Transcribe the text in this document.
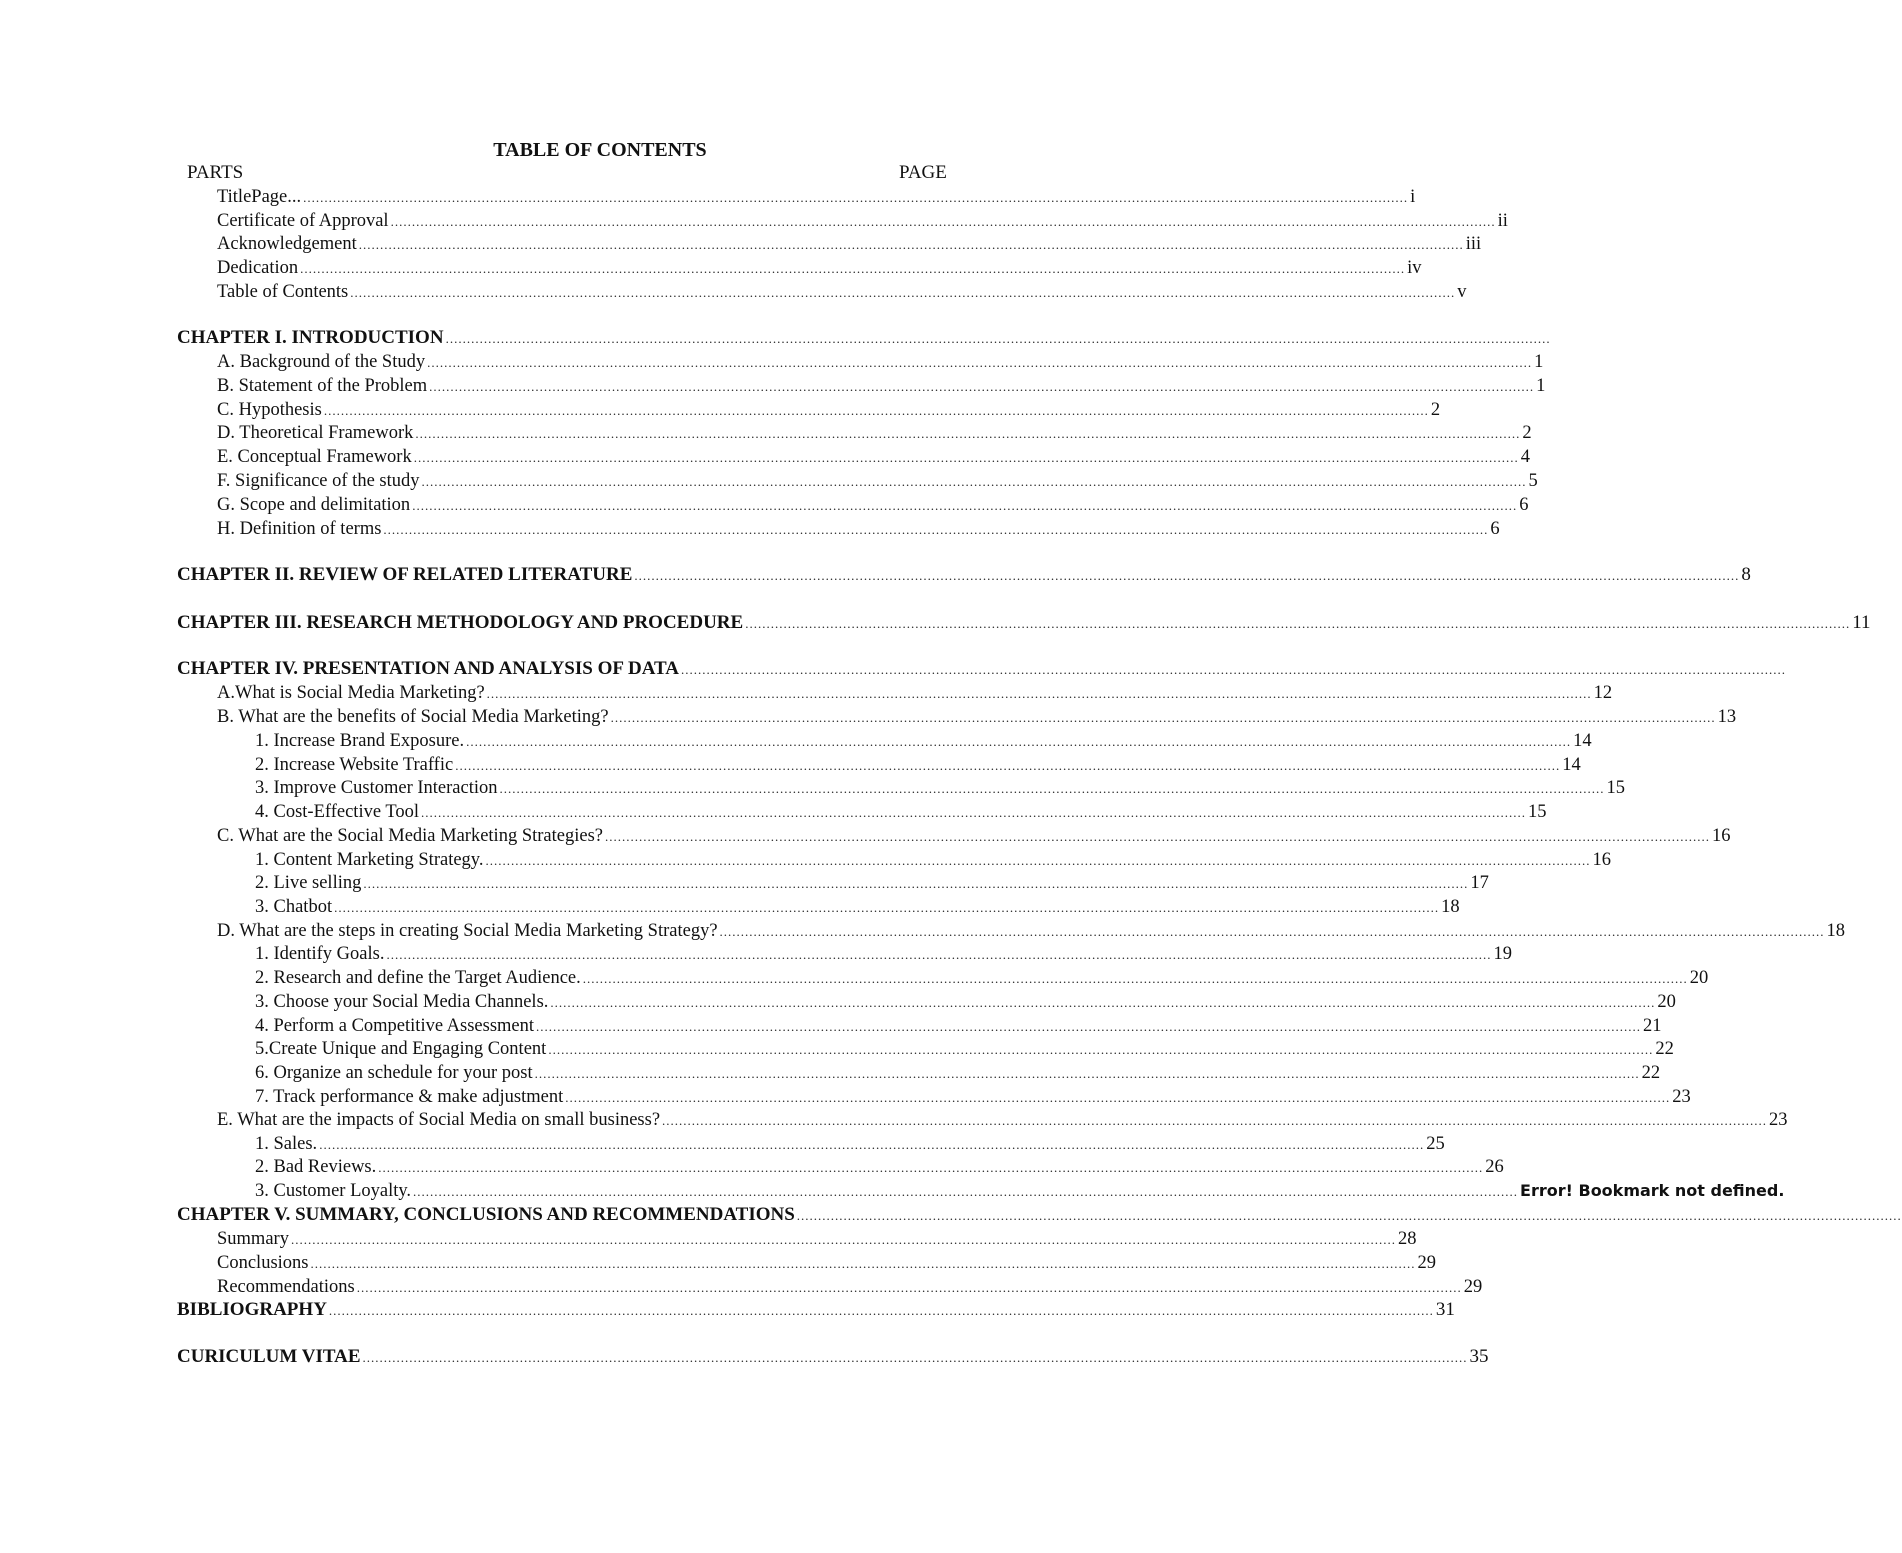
TABLE OF CONTENTS
PARTS	PAGE
TitlePage... .................................................................................................................................................................................................................................................................... i
Certificate of Approval .................................................................................................................................................................................................................................................................... ii
Acknowledgement .................................................................................................................................................................................................................................................................... iii
Dedication .................................................................................................................................................................................................................................................................... iv
Table of Contents .................................................................................................................................................................................................................................................................... v
CHAPTER I. INTRODUCTION ....................................................................................................................................................................................................................................................................
A. Background of the Study .................................................................................................................................................................................................................................................................... 1
B. Statement of the Problem .................................................................................................................................................................................................................................................................... 1
C. Hypothesis .................................................................................................................................................................................................................................................................... 2
D. Theoretical Framework .................................................................................................................................................................................................................................................................... 2
E. Conceptual Framework .................................................................................................................................................................................................................................................................... 4
F. Significance of the study .................................................................................................................................................................................................................................................................... 5
G. Scope and delimitation .................................................................................................................................................................................................................................................................... 6
H. Definition of terms .................................................................................................................................................................................................................................................................... 6
CHAPTER II. REVIEW OF RELATED LITERATURE .................................................................................................................................................................................................................................................................... 8
CHAPTER III. RESEARCH METHODOLOGY AND PROCEDURE .................................................................................................................................................................................................................................................................... 11
CHAPTER IV. PRESENTATION AND ANALYSIS OF DATA ....................................................................................................................................................................................................................................................................
A.What is Social Media Marketing? .................................................................................................................................................................................................................................................................... 12
B. What are the benefits of Social Media Marketing? .................................................................................................................................................................................................................................................................... 13
1. Increase Brand Exposure. .................................................................................................................................................................................................................................................................... 14
2. Increase Website Traffic .................................................................................................................................................................................................................................................................... 14
3. Improve Customer Interaction .................................................................................................................................................................................................................................................................... 15
4. Cost-Effective Tool .................................................................................................................................................................................................................................................................... 15
C. What are the Social Media Marketing Strategies? .................................................................................................................................................................................................................................................................... 16
1. Content Marketing Strategy. .................................................................................................................................................................................................................................................................... 16
2. Live selling .................................................................................................................................................................................................................................................................... 17
3. Chatbot .................................................................................................................................................................................................................................................................... 18
D. What are the steps in creating Social Media Marketing Strategy? .................................................................................................................................................................................................................................................................... 18
1. Identify Goals. .................................................................................................................................................................................................................................................................... 19
2. Research and define the Target Audience. .................................................................................................................................................................................................................................................................... 20
3. Choose your Social Media Channels. .................................................................................................................................................................................................................................................................... 20
4. Perform a Competitive Assessment .................................................................................................................................................................................................................................................................... 21
5.Create Unique and Engaging Content .................................................................................................................................................................................................................................................................... 22
6. Organize an schedule for your post .................................................................................................................................................................................................................................................................... 22
7. Track performance & make adjustment .................................................................................................................................................................................................................................................................... 23
E. What are the impacts of Social Media on small business? .................................................................................................................................................................................................................................................................... 23
1. Sales. .................................................................................................................................................................................................................................................................... 25
2. Bad Reviews. .................................................................................................................................................................................................................................................................... 26
3. Customer Loyalty. .................................................................................................................................................................................................................................................................... Error! Bookmark not defined.
CHAPTER V. SUMMARY, CONCLUSIONS AND RECOMMENDATIONS ....................................................................................................................................................................................................................................................................
Summary .................................................................................................................................................................................................................................................................... 28
Conclusions .................................................................................................................................................................................................................................................................... 29
Recommendations .................................................................................................................................................................................................................................................................... 29
BIBLIOGRAPHY .................................................................................................................................................................................................................................................................... 31
CURICULUM VITAE .................................................................................................................................................................................................................................................................... 35
